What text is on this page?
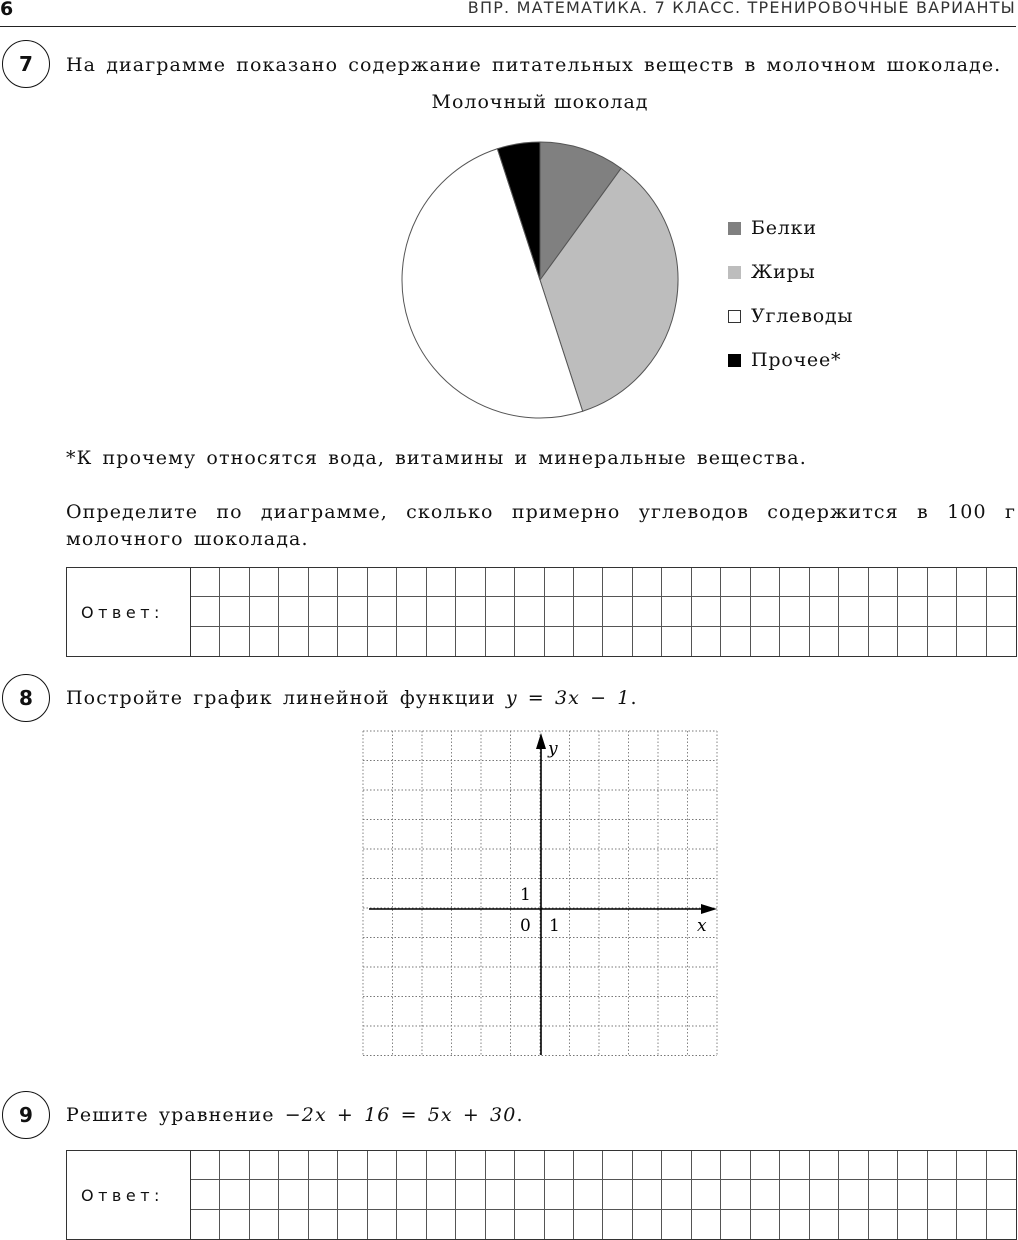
6	ВПР. МАТЕМАТИКА. 7 КЛАСС. ТРЕНИРОВОЧНЫЕ ВАРИАНТЫ
7	На диаграмме показано содержание питательных веществ в молочном шоколаде.
Молочный шоколад
Белки
Жиры
Углеводы
Прочее*
*К прочему относятся вода, витамины и минеральные вещества.
Определите по диаграмме, сколько примерно углеводов содержится в 100 г молочного шоколада.
Ответ:
8	Постройте график линейной функции y = 3x − 1.
y
x
1
0 1
9	Решите уравнение −2x + 16 = 5x + 30.
Ответ:
